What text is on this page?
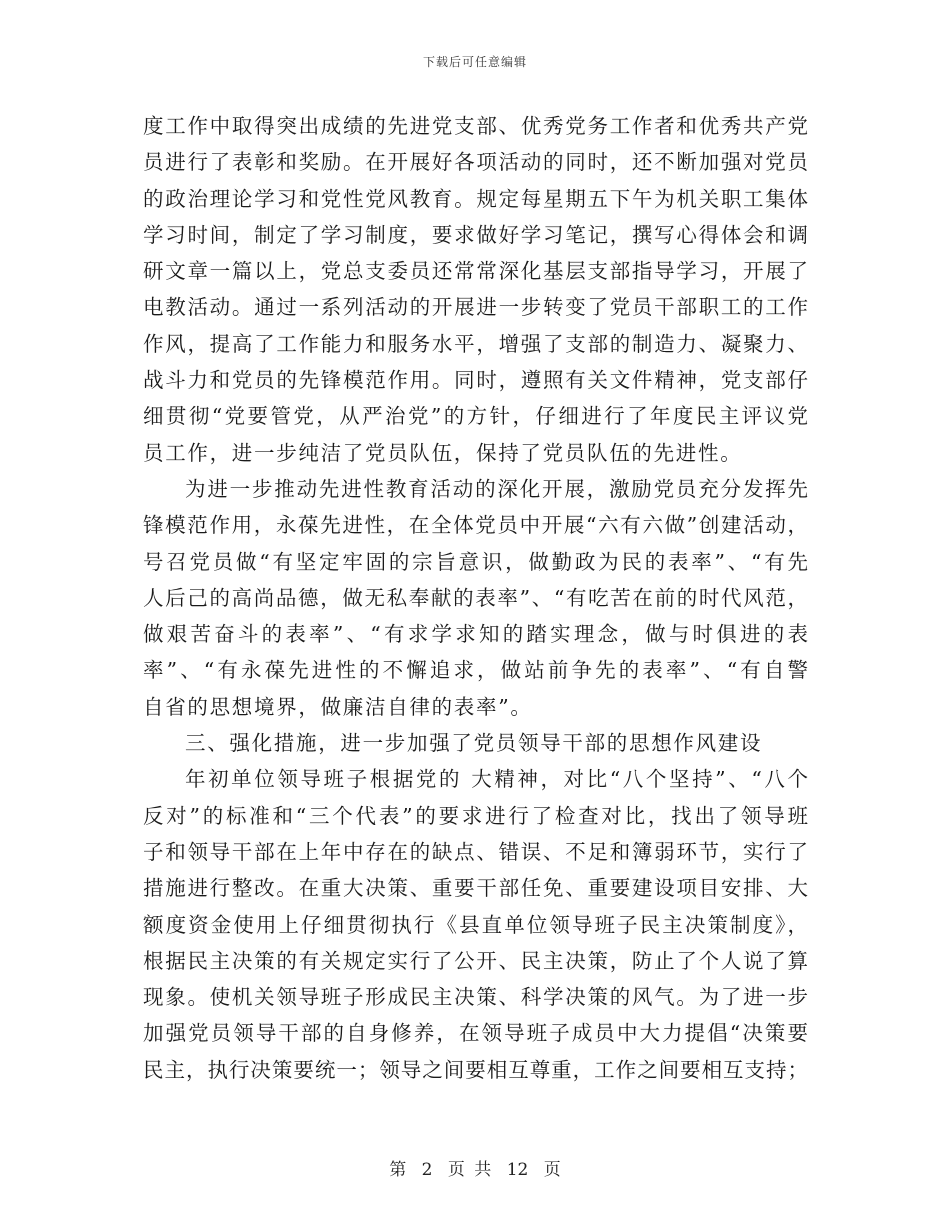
下载后可任意编辑
度工作中取得突出成绩的先进党支部、优秀党务工作者和优秀共产党
员进行了表彰和奖励。在开展好各项活动的同时，还不断加强对党员
的政治理论学习和党性党风教育。规定每星期五下午为机关职工集体
学习时间，制定了学习制度，要求做好学习笔记，撰写心得体会和调
研文章一篇以上，党总支委员还常常深化基层支部指导学习，开展了
电教活动。通过一系列活动的开展进一步转变了党员干部职工的工作
作风，提高了工作能力和服务水平，增强了支部的制造力、凝聚力、
战斗力和党员的先锋模范作用。同时，遵照有关文件精神，党支部仔
细贯彻“党要管党，从严治党”的方针，仔细进行了年度民主评议党
员工作，进一步纯洁了党员队伍，保持了党员队伍的先进性。
为进一步推动先进性教育活动的深化开展，激励党员充分发挥先
锋模范作用，永葆先进性，在全体党员中开展“六有六做”创建活动，
号召党员做“有坚定牢固的宗旨意识，做勤政为民的表率”、“有先
人后己的高尚品德，做无私奉献的表率”、“有吃苦在前的时代风范，
做艰苦奋斗的表率”、“有求学求知的踏实理念，做与时俱进的表
率”、“有永葆先进性的不懈追求，做站前争先的表率”、“有自警
自省的思想境界，做廉洁自律的表率”。
三、强化措施，进一步加强了党员领导干部的思想作风建设
年初单位领导班子根据党的 大精神，对比“八个坚持”、“八个
反对”的标准和“三个代表”的要求进行了检查对比，找出了领导班
子和领导干部在上年中存在的缺点、错误、不足和簿弱环节，实行了
措施进行整改。在重大决策、重要干部任免、重要建设项目安排、大
额度资金使用上仔细贯彻执行《县直单位领导班子民主决策制度》，
根据民主决策的有关规定实行了公开、民主决策，防止了个人说了算
现象。使机关领导班子形成民主决策、科学决策的风气。为了进一步
加强党员领导干部的自身修养，在领导班子成员中大力提倡“决策要
民主，执行决策要统一；领导之间要相互尊重，工作之间要相互支持；
第 2 页 共 12 页
